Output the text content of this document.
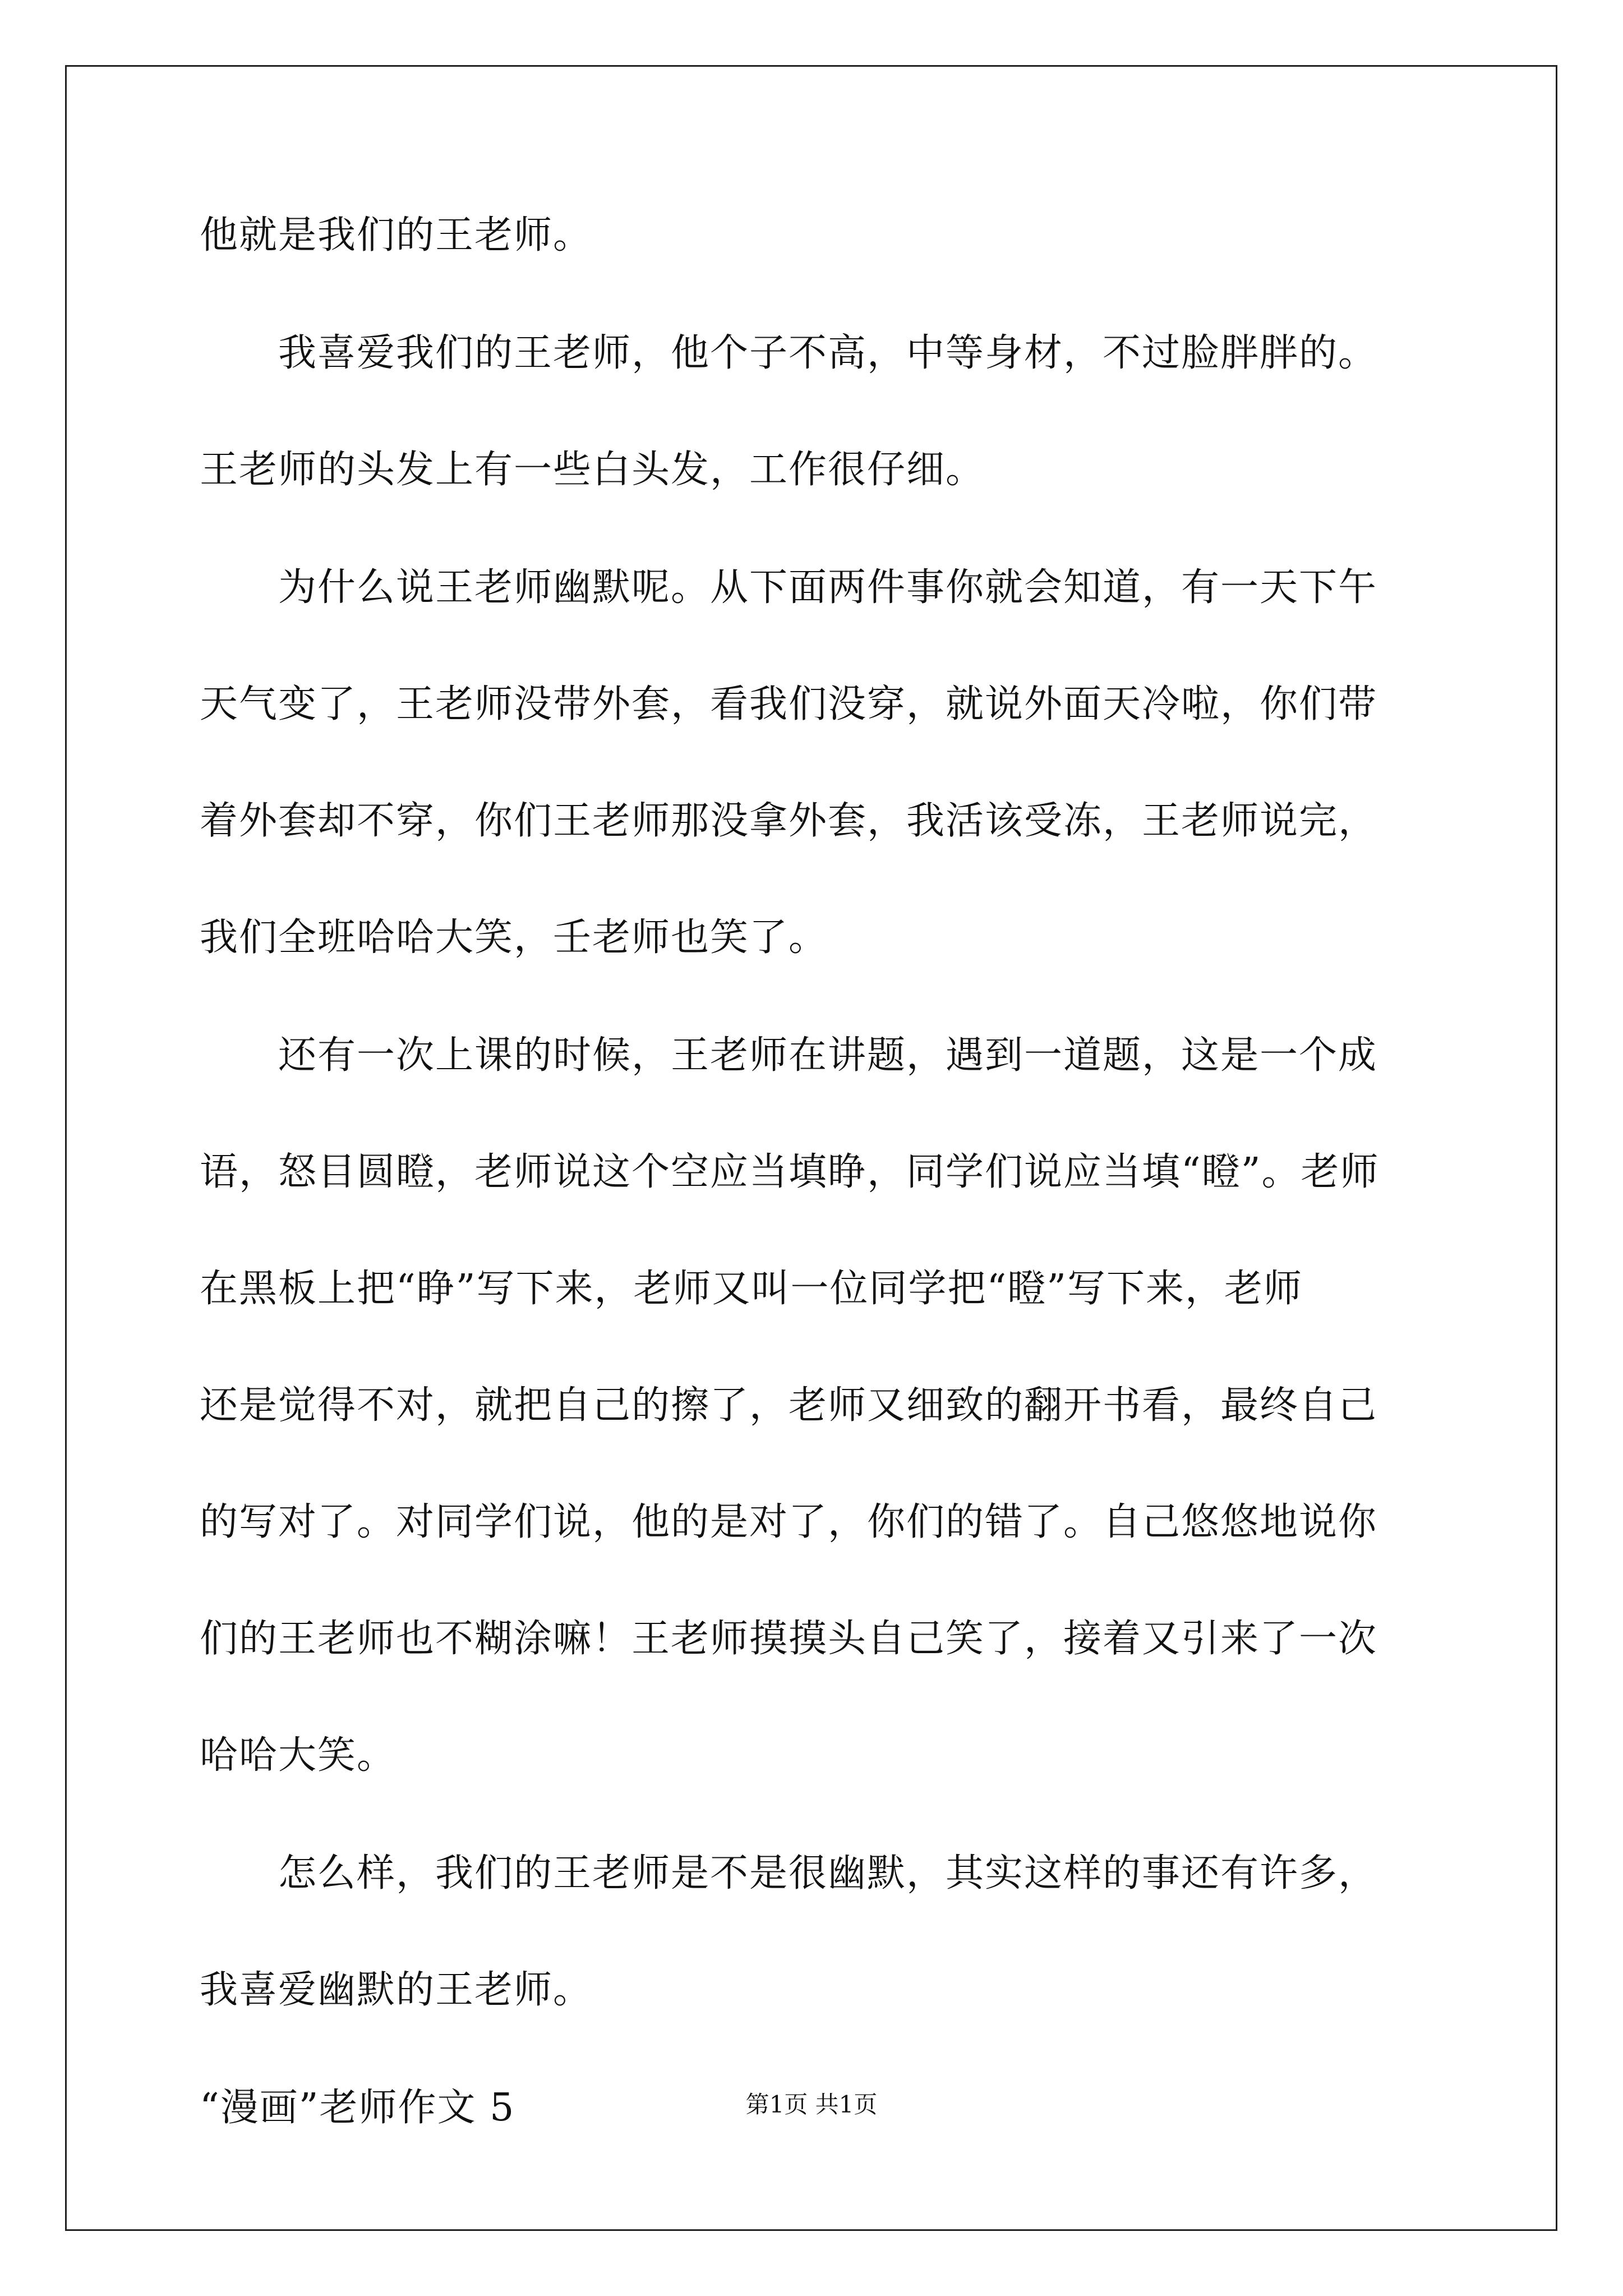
他就是我们的王老师。
我喜爱我们的王老师，他个子不高，中等身材，不过脸胖胖的。
王老师的头发上有一些白头发，工作很仔细。
为什么说王老师幽默呢。从下面两件事你就会知道，有一天下午
天气变了，王老师没带外套，看我们没穿，就说外面天冷啦，你们带
着外套却不穿，你们王老师那没拿外套，我活该受冻，王老师说完，
我们全班哈哈大笑，壬老师也笑了。
还有一次上课的时候，王老师在讲题，遇到一道题，这是一个成
语，怒目圆瞪，老师说这个空应当填睁，同学们说应当填“瞪”。老师
在黑板上把“睁”写下来，老师又叫一位同学把“瞪”写下来，老师
还是觉得不对，就把自己的擦了，老师又细致的翻开书看，最终自己
的写对了。对同学们说，他的是对了，你们的错了。自己悠悠地说你
们的王老师也不糊涂嘛！王老师摸摸头自己笑了，接着又引来了一次
哈哈大笑。
怎么样，我们的王老师是不是很幽默，其实这样的事还有许多，
我喜爱幽默的王老师。
“漫画”老师作文 5	第1页 共1页
